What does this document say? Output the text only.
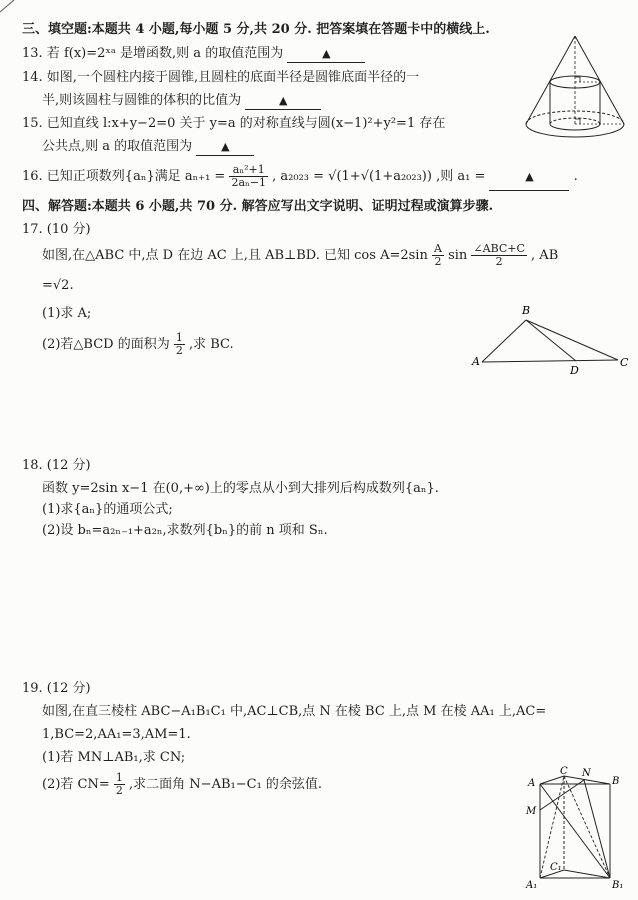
三、填空题:本题共 4 小题,每小题 5 分,共 20 分. 把答案填在答题卡中的横线上.
13. 若 f(x)=2ˣᵃ 是增函数,则 a 的取值范围为	▲
14. 如图,一个圆柱内接于圆锥,且圆柱的底面半径是圆锥底面半径的一
半,则该圆柱与圆锥的体积的比值为	▲
15. 已知直线 l:x+y−2=0 关于 y=a 的对称直线与圆(x−1)²+y²=1 存在
公共点,则 a 的取值范围为	▲
16. 已知正项数列{aₙ}满足 $a_{n+1} = \frac{\text{aₙ²+1}}{\text{2aₙ−1}}$ , a₂₀₂₃ = √(1+√(1+a₂₀₂₃)) ,则 a₁ =	▲	.
四、解答题:本题共 6 小题,共 70 分. 解答应写出文字说明、证明过程或演算步骤.
17. (10 分)
如图,在△ABC 中,点 D 在边 AC 上,且 AB⊥BD. 已知 $\cos A=2\sin \frac{A}{2}$ $\sin \frac{\text{∠ABC+C}}{2}$ , AB
=√2.
(1)求 A;
(2)若△BCD 的面积为 $\frac{1}{2}$ ,求 BC.
A
B
C
D
18. (12 分)
函数 y=2sin x−1 在(0,+∞)上的零点从小到大排列后构成数列{aₙ}.
(1)求{aₙ}的通项公式;
(2)设 bₙ=a₂ₙ₋₁+a₂ₙ,求数列{bₙ}的前 n 项和 Sₙ.
19. (12 分)
如图,在直三棱柱 ABC−A₁B₁C₁ 中,AC⊥CB,点 N 在棱 BC 上,点 M 在棱 AA₁ 上,AC=
1,BC=2,AA₁=3,AM=1.
(1)若 MN⊥AB₁,求 CN;
(2)若 $CN= \frac{1}{2}$ ,求二面角 N−AB₁−C₁ 的余弦值.	A
C N
B
M
A₁
C₁
B₁
